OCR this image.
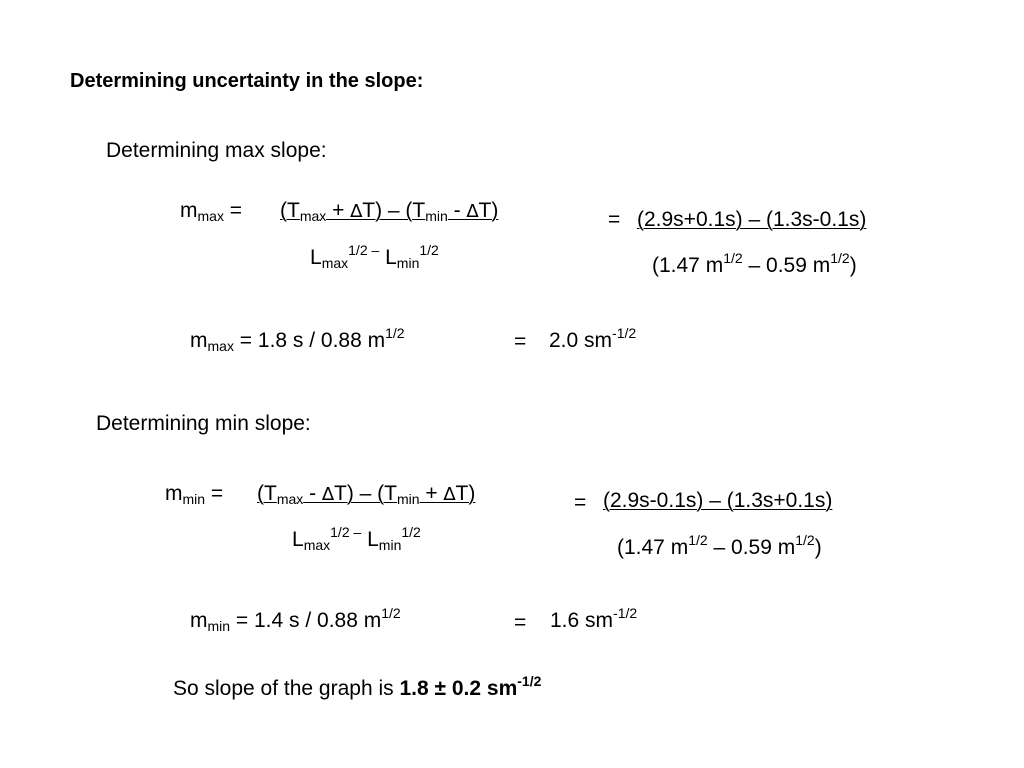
Determining uncertainty in the slope:
Determining max slope:
$m_{max} = (T_{max} + \Delta T) - (T_{min} - \Delta T)$
$L_{max}^{1/2 -}$ $L_{min}^{1/2}$
= (2.9s+0.1s) – (1.3s-0.1s)
(1.47 $m^{1/2} - 0.59$ $m^{1/2}$)
$m_{max} = 1.8$ s / 0.88 $m^{1/2}$	= 2.0 $sm^{-1/2}$
Determining min slope:
$m_{min} = (T_{max} - \Delta T) - (T_{min} + \Delta T)$
$L_{max}^{1/2 -}$ $L_{min}^{1/2}$
= (2.9s-0.1s) – (1.3s+0.1s)
(1.47 $m^{1/2} - 0.59$ $m^{1/2}$)
$m_{min} = 1.4$ s / 0.88 $m^{1/2}$	= 1.6 $sm^{-1/2}$
So slope of the graph is 1.8 ± 0.2 $sm^{-1/2}$
